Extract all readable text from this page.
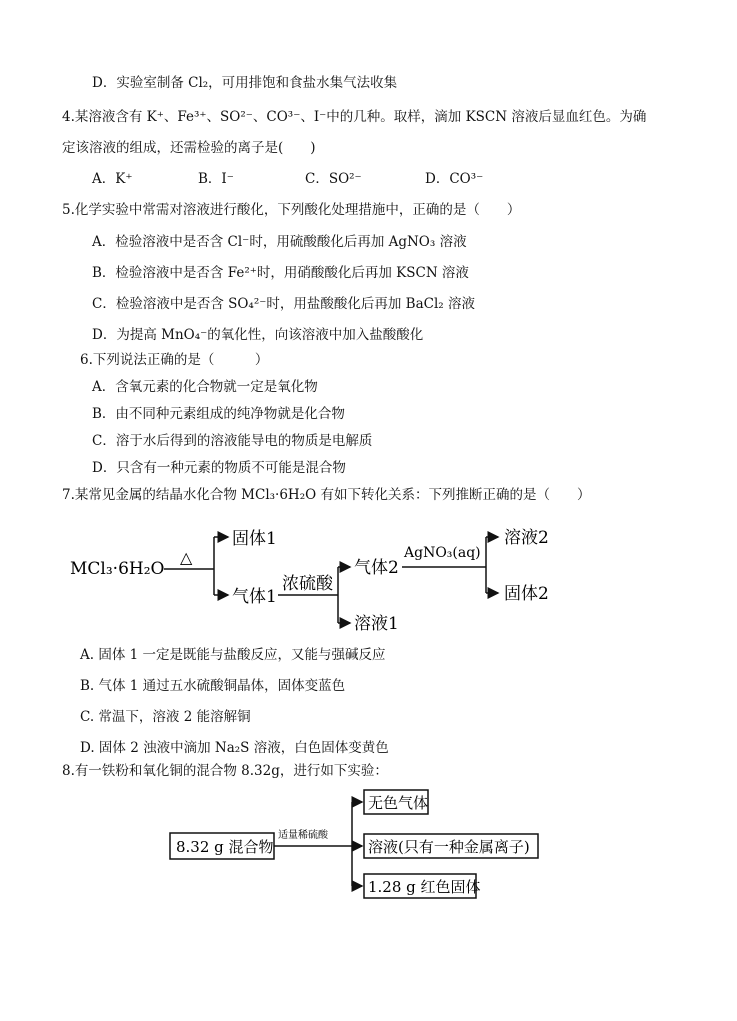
D．实验室制备 Cl₂，可用排饱和食盐水集气法收集
4.某溶液含有 K⁺、Fe³⁺、SO²⁻、CO³⁻、I⁻中的几种。取样，滴加 KSCN 溶液后显血红色。为确
定该溶液的组成，还需检验的离子是(　　)
A．K⁺	B．I⁻	C．SO²⁻	D．CO³⁻
5.化学实验中常需对溶液进行酸化，下列酸化处理措施中，正确的是（　　）
A．检验溶液中是否含 Cl⁻时，用硫酸酸化后再加 AgNO₃ 溶液
B．检验溶液中是否含 Fe²⁺时，用硝酸酸化后再加 KSCN 溶液
C．检验溶液中是否含 SO₄²⁻时，用盐酸酸化后再加 BaCl₂ 溶液
D．为提高 MnO₄⁻的氧化性，向该溶液中加入盐酸酸化
6.下列说法正确的是（　　　）
A．含氧元素的化合物就一定是氧化物
B．由不同种元素组成的纯净物就是化合物
C．溶于水后得到的溶液能导电的物质是电解质
D．只含有一种元素的物质不可能是混合物
7.某常见金属的结晶水化合物 MCl₃·6H₂O 有如下转化关系：下列推断正确的是（　　）
MCl₃·6H₂O
△
固体1
气体1
浓硫酸
气体2
溶液1
AgNO₃(aq)
溶液2
固体2
A. 固体 1 一定是既能与盐酸反应，又能与强碱反应
B. 气体 1 通过五水硫酸铜晶体，固体变蓝色
C. 常温下，溶液 2 能溶解铜
D. 固体 2 浊液中滴加 Na₂S 溶液，白色固体变黄色
8.有一铁粉和氧化铜的混合物 8.32g，进行如下实验：
8.32 g 混合物
适量稀硫酸
无色气体
溶液(只有一种金属离子)
1.28 g 红色固体
